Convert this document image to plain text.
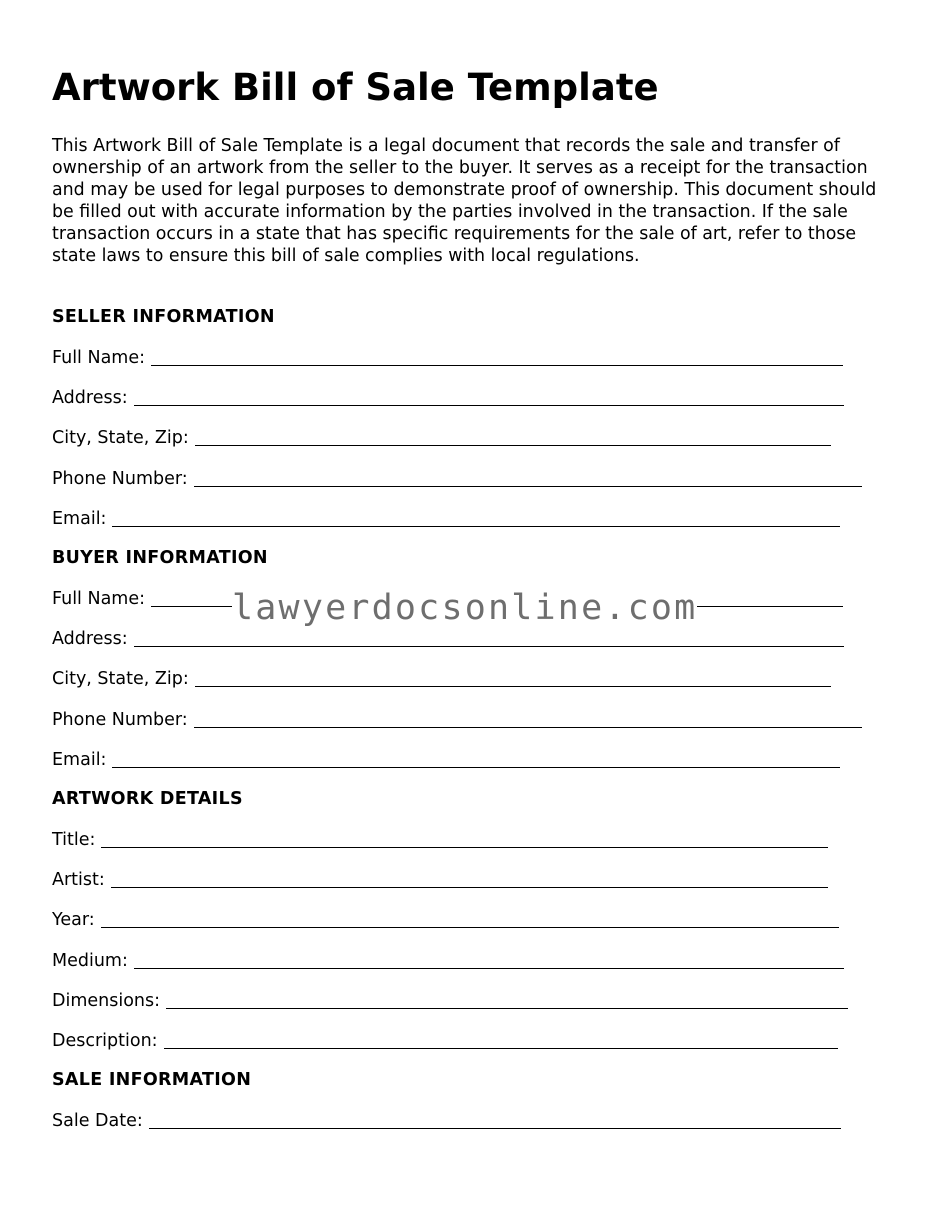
Artwork Bill of Sale Template

This Artwork Bill of Sale Template is a legal document that records the sale and transfer of ownership of an artwork from the seller to the buyer. It serves as a receipt for the transaction and may be used for legal purposes to demonstrate proof of ownership. This document should be filled out with accurate information by the parties involved in the transaction. If the sale transaction occurs in a state that has specific requirements for the sale of art, refer to those state laws to ensure this bill of sale complies with local regulations.

SELLER INFORMATION
Full Name:
Address:
City, State, Zip:
Phone Number:
Email:
BUYER INFORMATION
Full Name:
Address:
City, State, Zip:
Phone Number:
Email:
ARTWORK DETAILS
Title:
Artist:
Year:
Medium:
Dimensions:
Description:
SALE INFORMATION
Sale Date:
lawyerdocsonline.com
